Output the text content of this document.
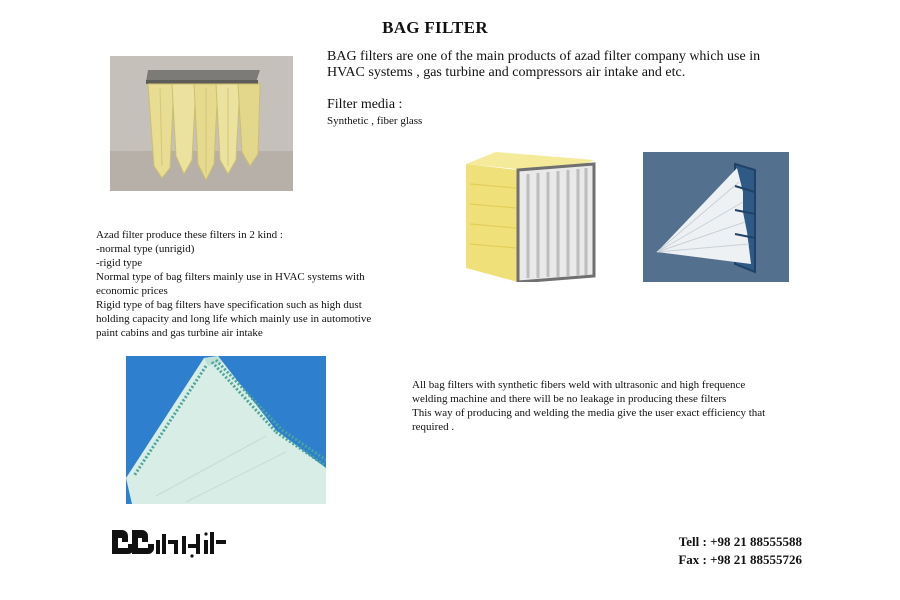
BAG FILTER
BAG filters are one of the main products of azad filter company which use in HVAC systems , gas turbine and compressors air intake and etc.
Filter media :
Synthetic , fiber glass
Azad filter produce these filters in 2 kind :
-normal type (unrigid)
-rigid type
Normal type of bag filters mainly use in HVAC systems with
economic prices
Rigid type of bag filters have specification such as high dust
holding capacity and long life which mainly use in automotive
paint cabins and gas turbine air intake
All bag filters with synthetic fibers weld with ultrasonic and high frequence
welding machine and there will be no leakage in producing these filters
This way of producing and welding the media give the user exact efficiency that
required .
Tell : +98 21 88555588
Fax : +98 21 88555726
